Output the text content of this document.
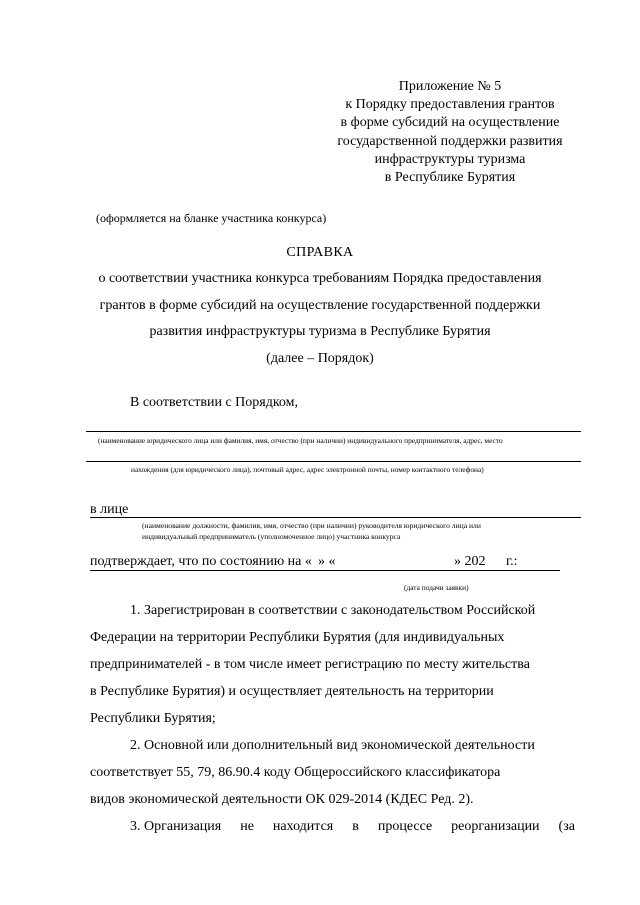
Приложение № 5
к Порядку предоставления грантов
в форме субсидий на осуществление
государственной поддержки развития
инфраструктуры туризма
в Республике Бурятия
(оформляется на бланке участника конкурса)
СПРАВКА
о соответствии участника конкурса требованиям Порядка предоставления
грантов в форме субсидий на осуществление государственной поддержки
развития инфраструктуры туризма в Республике Бурятия
(далее – Порядок)
В соответствии с Порядком,
(наименование юридического лица или фамилия, имя, отчество (при наличии) индивидуального предпринимателя, адрес, место
нахождения (для юридического лица), почтовый адрес, адрес электронной почты, номер контактного телефона)
в лице
(наименование должности, фамилия, имя, отчество (при наличии) руководителя юридического лица или
индивидуальный предприниматель (уполномоченное лицо) участника конкурса
подтверждает, что по состоянию на « » «	» 202 г.:
(дата подачи заявки)
1. Зарегистрирован в соответствии с законодательством Российской
Федерации на территории Республики Бурятия (для индивидуальных
предпринимателей - в том числе имеет регистрацию по месту жительства
в Республике Бурятия) и осуществляет деятельность на территории
Республики Бурятия;
2. Основной или дополнительный вид экономической деятельности
соответствует 55, 79, 86.90.4 коду Общероссийского классификатора
видов экономической деятельности ОК 029-2014 (КДЕС Ред. 2).
3. Организация не находится в процессе реорганизации (за
